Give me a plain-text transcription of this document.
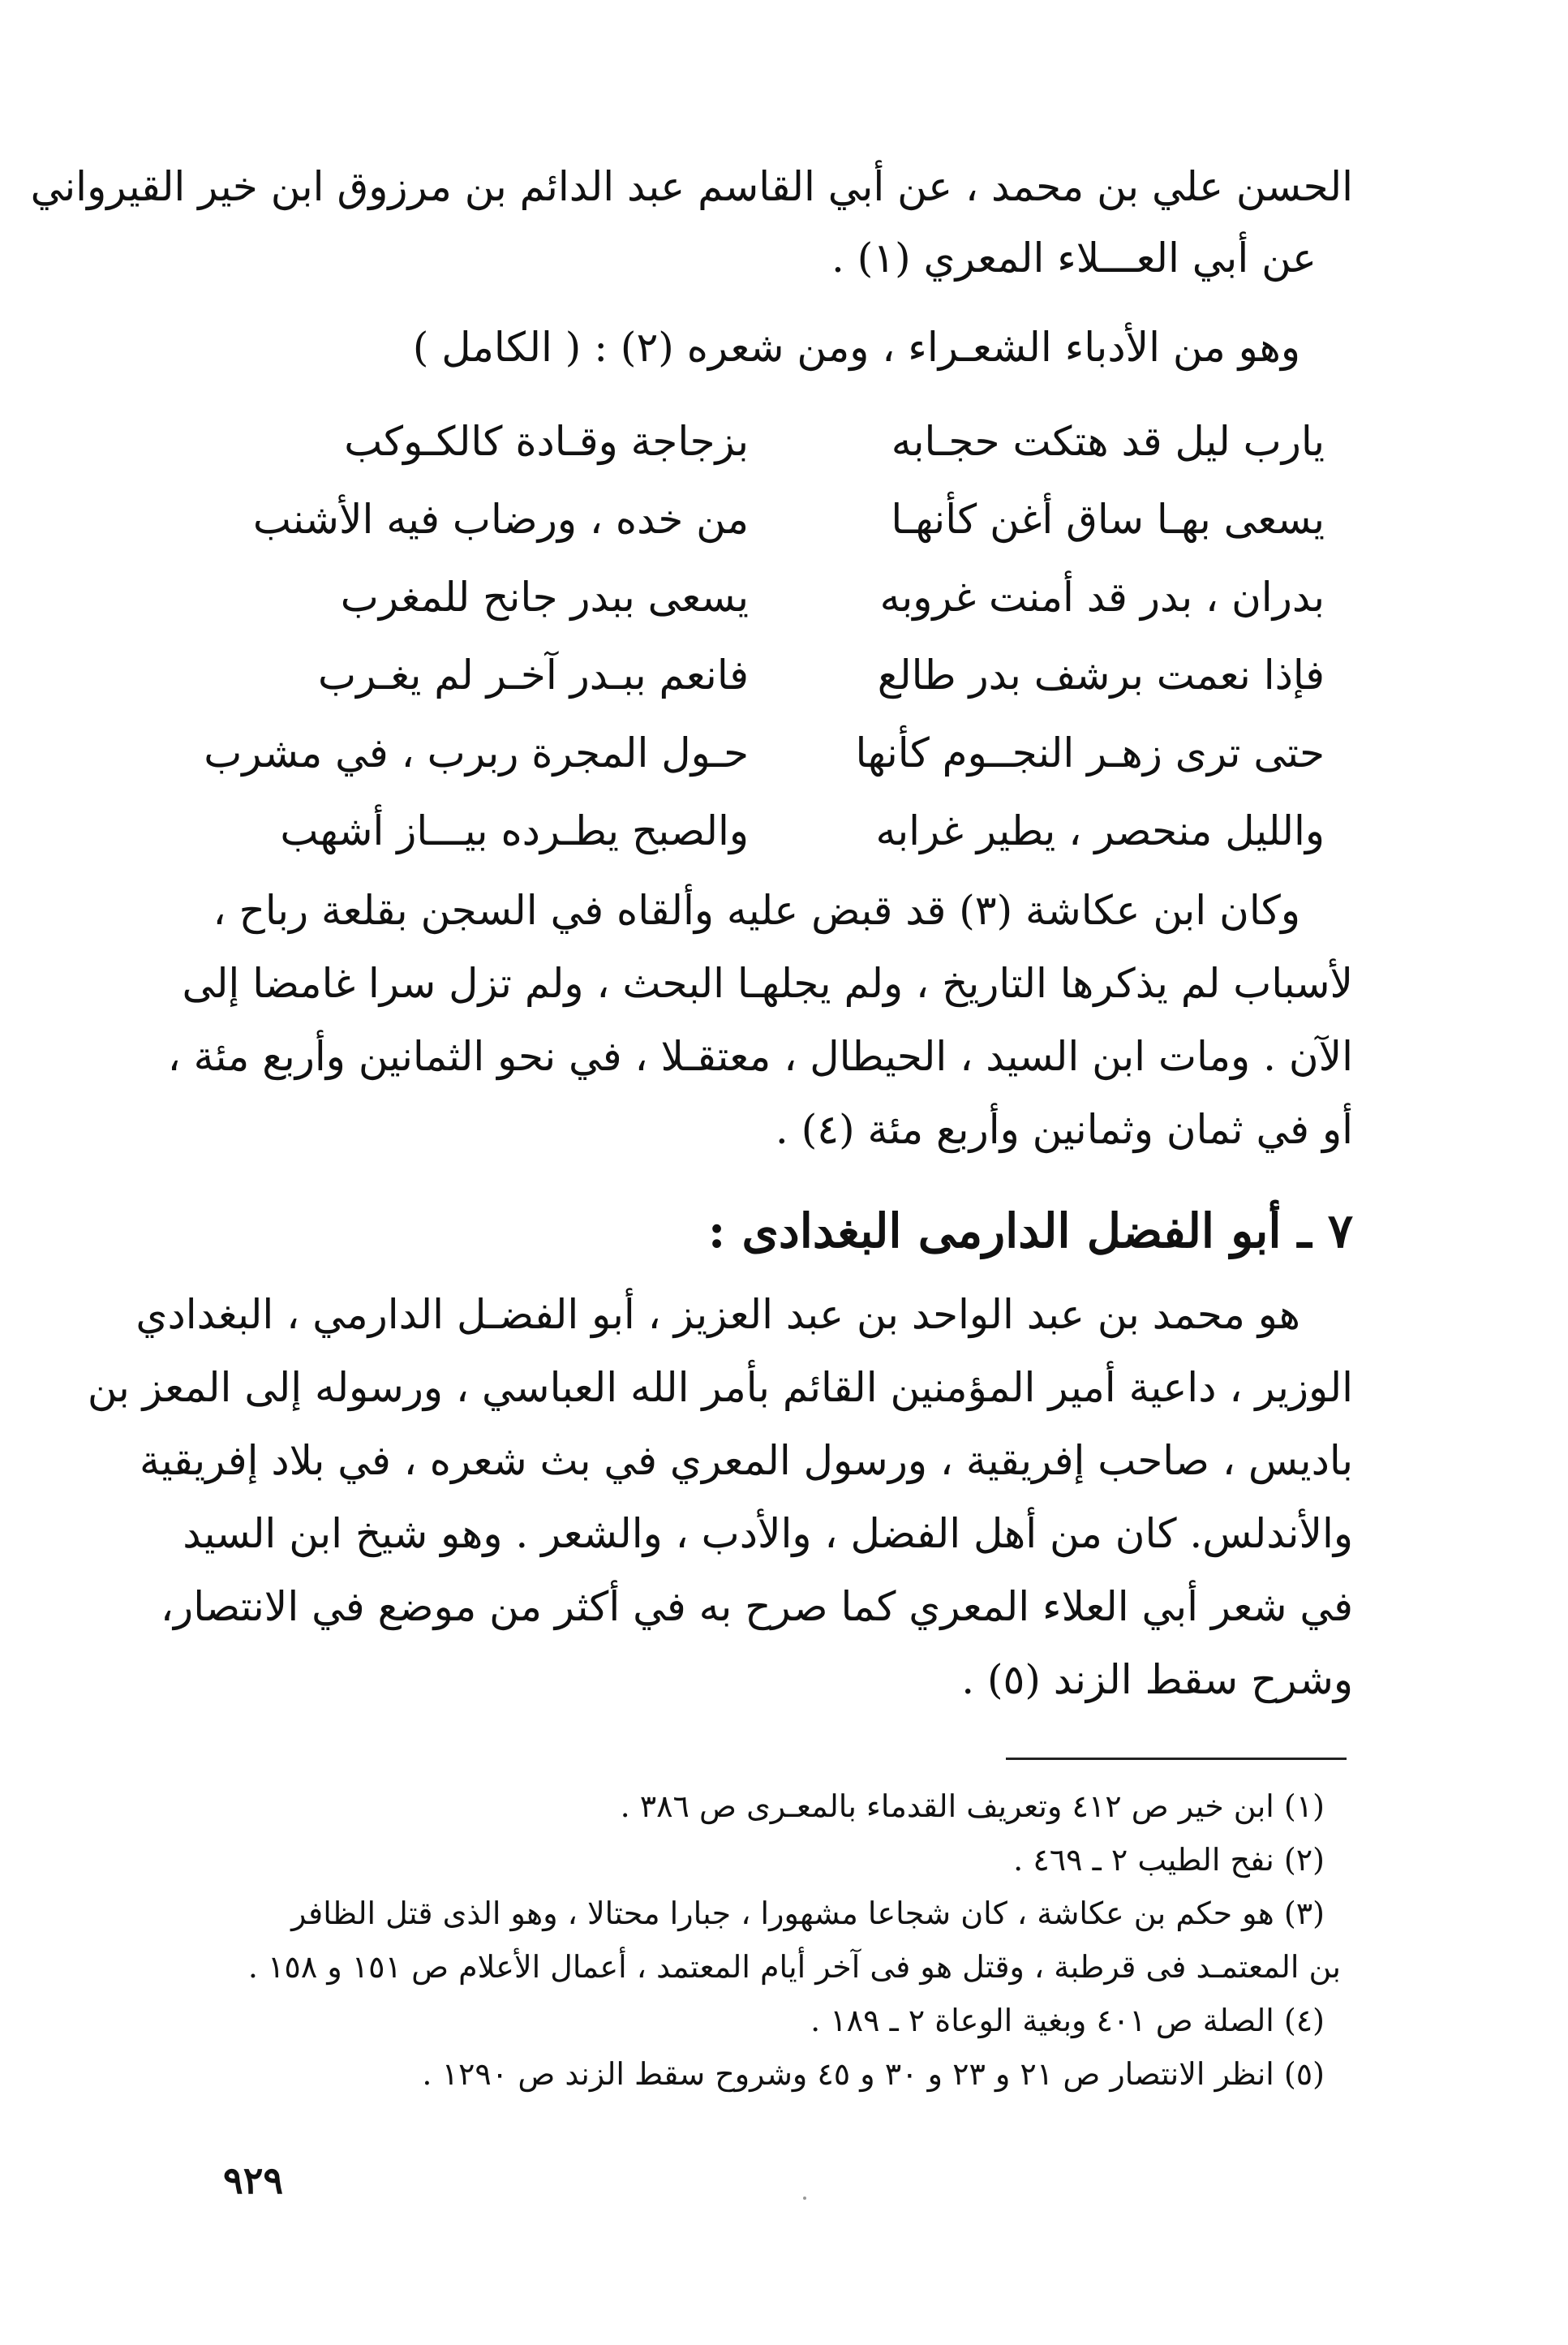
الحسن علي بن محمد ، عن أبي القاسم عبد الدائم بن مرزوق ابن خير القيرواني
عن أبي العـــلاء المعري (١) .
وهو من الأدباء الشعـراء ، ومن شعره (٢) : ( الكامل )
يارب ليل قد هتكت حجـابه
بزجاجة وقـادة كالكـوكب
يسعى بهـا ساق أغن كأنهـا
من خده ، ورضاب فيه الأشنب
بدران ، بدر قد أمنت غروبه
يسعى ببدر جانح للمغرب
فإذا نعمت برشف بدر طالع
فانعم ببـدر آخـر لم يغـرب
حتى ترى زهـر النجــوم كأنها
حـول المجرة ربرب ، في مشرب
والليل منحصر ، يطير غرابه
والصبح يطـرده بيـــاز أشهب
وكان ابن عكاشة (٣) قد قبض عليه وألقاه في السجن بقلعة رباح ،
لأسباب لم يذكرها التاريخ ، ولم يجلهـا البحث ، ولم تزل سرا غامضا إلى
الآن . ومات ابن السيد ، الحيطال ، معتقـلا ، في نحو الثمانين وأربع مئة ،
أو في ثمان وثمانين وأربع مئة (٤) .
٧ ـ أبو الفضل الدارمى البغدادى :
هو محمد بن عبد الواحد بن عبد العزيز ، أبو الفضـل الدارمي ، البغدادي
الوزير ، داعية أمير المؤمنين القائم بأمر الله العباسي ، ورسوله إلى المعز بن
باديس ، صاحب إفريقية ، ورسول المعري في بث شعره ، في بلاد إفريقية
والأندلس. كان من أهل الفضل ، والأدب ، والشعر . وهو شيخ ابن السيد
في شعر أبي العلاء المعري كما صرح به في أكثر من موضع في الانتصار،
وشرح سقط الزند (٥) .
(١) ابن خير ص ٤١٢ وتعريف القدماء بالمعـرى ص ٣٨٦ .
(٢) نفح الطيب ٢ ـ ٤٦٩ .
(٣) هو حكم بن عكاشة ، كان شجاعا مشهورا ، جبارا محتالا ، وهو الذى قتل الظافر
بن المعتمـد فى قرطبة ، وقتل هو فى آخر أيام المعتمد ، أعمال الأعلام ص ١٥١ و ١٥٨ .
(٤) الصلة ص ٤٠١ وبغية الوعاة ٢ ـ ١٨٩ .
(٥) انظر الانتصار ص ٢١ و ٢٣ و ٣٠ و ٤٥ وشروح سقط الزند ص ١٢٩٠ .
٩٢٩
